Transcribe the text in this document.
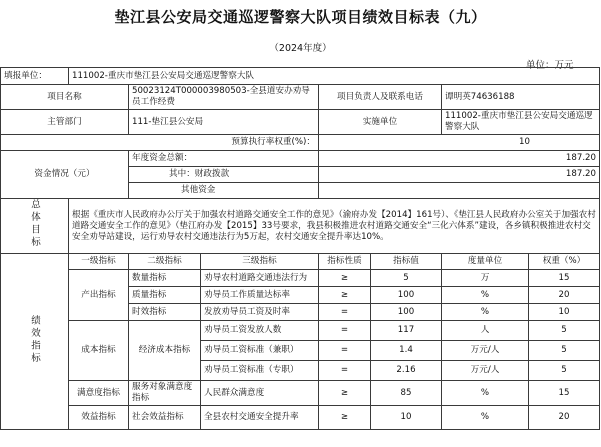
垫江县公安局交通巡逻警察大队项目绩效目标表（九）
（2024年度）
单位：万元
填报单位：	111002-重庆市垫江县公安局交通巡逻警察大队						
项目名称		50023124T000003980503-全县道安办劝导员工作经费		项目负责人及联系电话		谭明英74636188	
主管部门		111-垫江县公安局		实施单位		111002-重庆市垫江县公安局交通巡逻警察大队	
预算执行率权重(%)：				10			
资金情况（元）		年度资金总额：		187.20			
		其中：财政拨款		187.20			
		其他资金					
总体目标	根据《重庆市人民政府办公厅关于加强农村道路交通安全工作的意见》（渝府办发【2014】161号）、《垫江县人民政府办公室关于加强农村道路交通安全工作的意见》（垫江府办发【2015】33号要求，我县积极推进农村道路交通安全“三化六体系”建设，各乡镇积极推进农村交安全劝导站建设，运行劝导农村交通违法行为5万起，农村交通安全提升率达10%。						
绩效指标	一级指标	二级指标	三级指标	指标性质	指标值	度量单位	权重（%）
	产出指标	数量指标	劝导农村道路交通违法行为	≥	5	万	15
		质量指标	劝导员工作质量达标率	≥	100	%	20
		时效指标	发放劝导员工资及时率	=	100	%	10
	成本指标	经济成本指标	劝导员工资发放人数	=	117	人	5
			劝导员工资标准（兼职）	=	1.4	万元/人	5
			劝导员工资标准（专职）	=	2.16	万元/人	5
	满意度指标	服务对象满意度指标	人民群众满意度	≥	85	%	15
	效益指标	社会效益指标	全县农村交通安全提升率	≥	10	%	20
